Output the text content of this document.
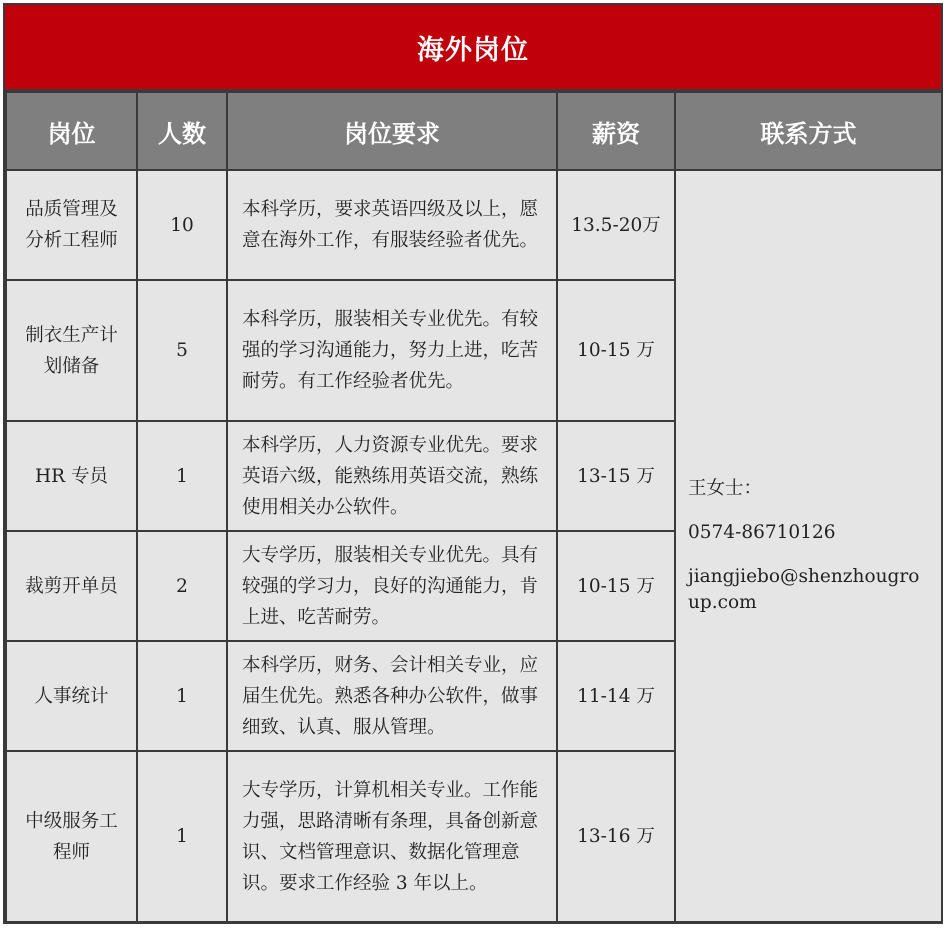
海外岗位
岗位	人数	岗位要求	薪资	联系方式
品质管理及分析工程师	10	本科学历，要求英语四级及以上，愿意在海外工作，有服装经验者优先。	13.5-20万	王女士：
0574-86710126
jiangjiebo@shenzhougroup.com

制衣生产计划储备	5	本科学历，服装相关专业优先。有较强的学习沟通能力，努力上进，吃苦耐劳。有工作经验者优先。	10-15 万	
HR 专员	1	本科学历，人力资源专业优先。要求英语六级，能熟练用英语交流，熟练使用相关办公软件。	13-15 万	
裁剪开单员	2	大专学历，服装相关专业优先。具有较强的学习力，良好的沟通能力，肯上进、吃苦耐劳。	10-15 万	
人事统计	1	本科学历，财务、会计相关专业，应届生优先。熟悉各种办公软件，做事细致、认真、服从管理。	11-14 万	
中级服务工程师	1	大专学历，计算机相关专业。工作能力强，思路清晰有条理，具备创新意识、文档管理意识、数据化管理意识。要求工作经验 3 年以上。	13-16 万	
